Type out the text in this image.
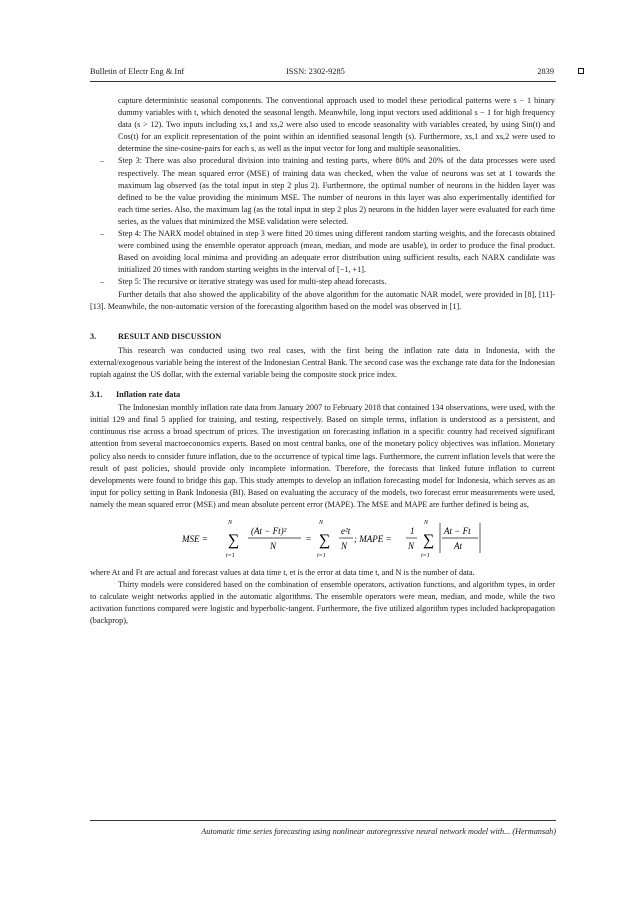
Bulletin of Electr Eng & Inf	ISSN: 2302-9285	2839

capture deterministic seasonal components. The conventional approach used to model these periodical patterns were s − 1 binary dummy variables with t, which denoted the seasonal length. Meanwhile, long input vectors used additional s − 1 for high frequency data (s > 12). Two inputs including xs,1 and xs,2 were also used to encode seasonality with variables created, by using Sin(t) and Cos(t) for an explicit representation of the point within an identified seasonal length (s). Furthermore, xs,1 and xs,2 were used to determine the sine-cosine-pairs for each s, as well as the input vector for long and multiple seasonalities.

– Step 3: There was also procedural division into training and testing parts, where 80% and 20% of the data processes were used respectively. The mean squared error (MSE) of training data was checked, when the value of neurons was set at 1 towards the maximum lag observed (as the total input in step 2 plus 2). Furthermore, the optimal number of neurons in the hidden layer was defined to be the value providing the minimum MSE. The number of neurons in this layer was also experimentally identified for each time series. Also, the maximum lag (as the total input in step 2 plus 2) neurons in the hidden layer were evaluated for each time series, as the values that minimized the MSE validation were selected.

– Step 4: The NARX model obtained in step 3 were fitted 20 times using different random starting weights, and the forecasts obtained were combined using the ensemble operator approach (mean, median, and mode are usable), in order to produce the final product. Based on avoiding local minima and providing an adequate error distribution using sufficient results, each NARX candidate was initialized 20 times with random starting weights in the interval of [−1, +1].

– Step 5: The recursive or iterative strategy was used for multi-step ahead forecasts.

Further details that also showed the applicability of the above algorithm for the automatic NAR model, were provided in [8], [11]-[13]. Meanwhile, the non-automatic version of the forecasting algorithm based on the model was observed in [1].

3.	RESULT AND DISCUSSION

This research was conducted using two real cases, with the first being the inflation rate data in Indonesia, with the external/exogenous variable being the interest of the Indonesian Central Bank. The second case was the exchange rate data for the Indonesian rupiah against the US dollar, with the external variable being the composite stock price index.

3.1. Inflation rate data

The Indonesian monthly inflation rate data from January 2007 to February 2018 that contained 134 observations, were used, with the initial 129 and final 5 applied for training, and testing, respectively. Based on simple terms, inflation is understood as a persistent, and continuous rise across a broad spectrum of prices. The investigation on forecasting inflation in a specific country had received significant attention from several macroeconomics experts. Based on most central banks, one of the monetary policy objectives was inflation. Monetary policy also needs to consider future inflation, due to the occurrence of typical time lags. Furthermore, the current inflation levels that were the result of past policies, should provide only incomplete information. Therefore, the forecasts that linked future inflation to current developments were found to bridge this gap. This study attempts to develop an inflation forecasting model for Indonesia, which serves as an input for policy setting in Bank Indonesia (BI). Based on evaluating the accuracy of the models, two forecast error measurements were used, namely the mean squared error (MSE) and mean absolute percent error (MAPE). The MSE and MAPE are further defined is being as,

MSE =
N
∑
t=1
(At − Ft)²
N
=
N
∑
t=1
e²t
N
; MAPE =
1
N
N
∑
t=1
At − Ft
At

where At and Ft are actual and forecast values at data time t, et is the error at data time t, and N is the number of data.

Thirty models were considered based on the combination of ensemble operators, activation functions, and algorithm types, in order to calculate weight networks applied in the automatic algorithms. The ensemble operators were mean, median, and mode, while the two activation functions compared were logistic and hyperbolic-tangent. Furthermore, the five utilized algorithm types included backpropagation (backprop),

Automatic time series forecasting using nonlinear autoregressive neural network model with... (Hermansah)
